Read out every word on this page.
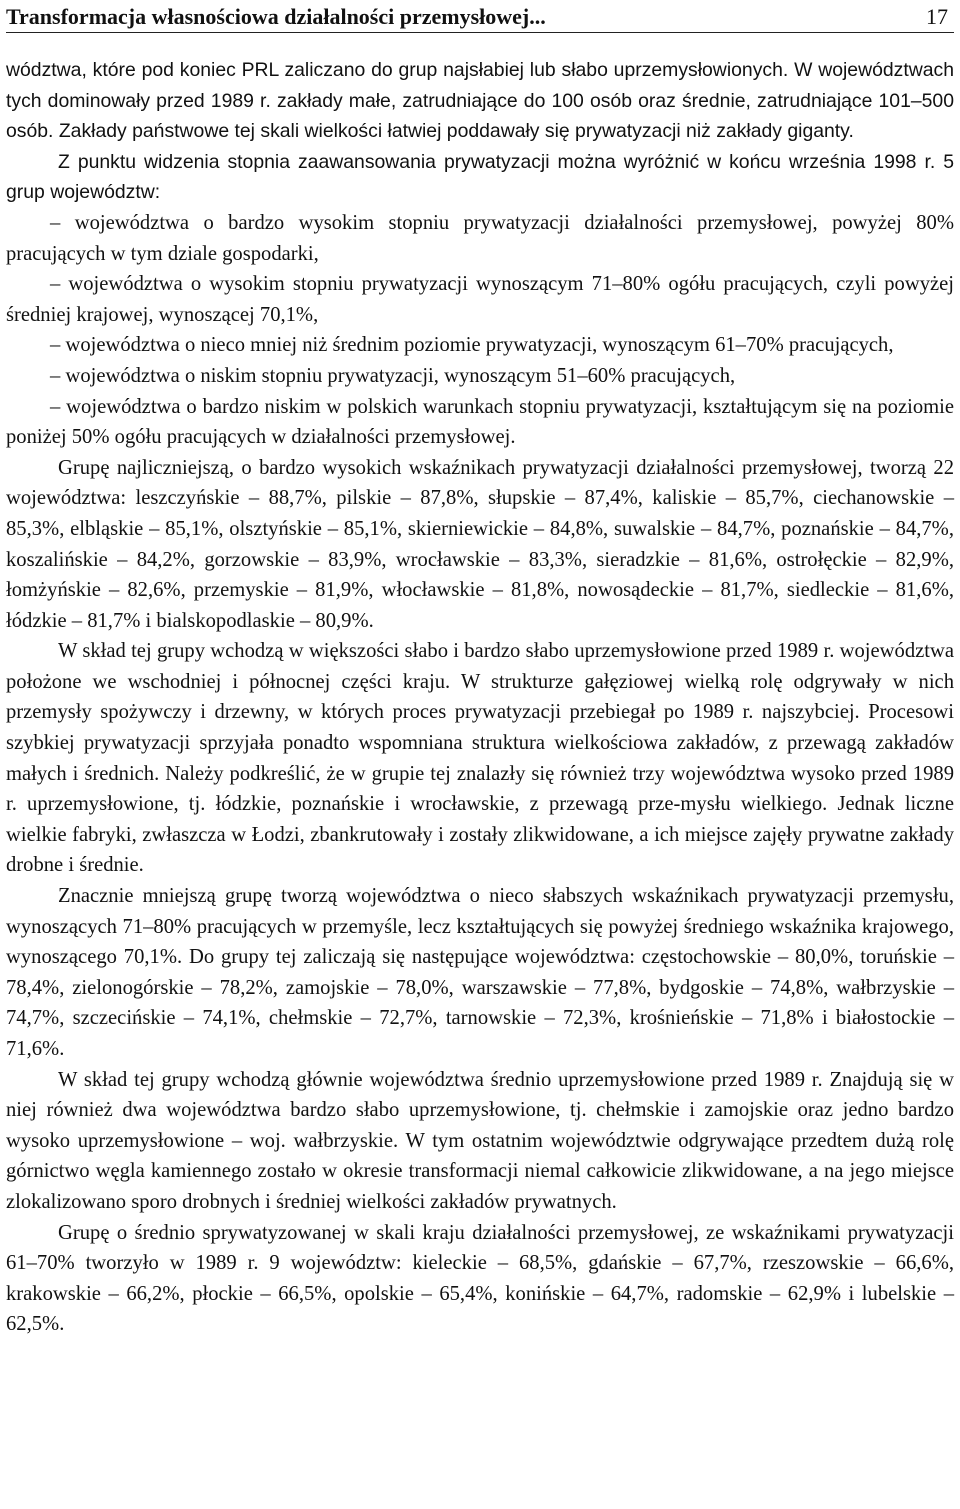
Transformacja własnościowa działalności przemysłowej...	17

wództwa, które pod koniec PRL zaliczano do grup najsłabiej lub słabo uprzemysłowionych. W województwach tych dominowały przed 1989 r. zakłady małe, zatrudniające do 100 osób oraz średnie, zatrudniające 101–500 osób. Zakłady państwowe tej skali wielkości łatwiej poddawały się prywatyzacji niż zakłady giganty.

Z punktu widzenia stopnia zaawansowania prywatyzacji można wyróżnić w końcu września 1998 r. 5 grup województw:

– województwa o bardzo wysokim stopniu prywatyzacji działalności przemysłowej, powyżej 80% pracujących w tym dziale gospodarki,

– województwa o wysokim stopniu prywatyzacji wynoszącym 71–80% ogółu pracujących, czyli powyżej średniej krajowej, wynoszącej 70,1%,

– województwa o nieco mniej niż średnim poziomie prywatyzacji, wynoszącym 61–70% pracujących,

– województwa o niskim stopniu prywatyzacji, wynoszącym 51–60% pracujących,

– województwa o bardzo niskim w polskich warunkach stopniu prywatyzacji, kształtującym się na poziomie poniżej 50% ogółu pracujących w działalności przemysłowej.

Grupę najliczniejszą, o bardzo wysokich wskaźnikach prywatyzacji działalności przemysłowej, tworzą 22 województwa: leszczyńskie – 88,7%, pilskie – 87,8%, słupskie – 87,4%, kaliskie – 85,7%, ciechanowskie – 85,3%, elbląskie – 85,1%, olsztyńskie – 85,1%, skierniewickie – 84,8%, suwalskie – 84,7%, poznańskie – 84,7%, koszalińskie – 84,2%, gorzowskie – 83,9%, wrocławskie – 83,3%, sieradzkie – 81,6%, ostrołęckie – 82,9%, łomżyńskie – 82,6%, przemyskie – 81,9%, włocławskie – 81,8%, nowosądeckie – 81,7%, siedleckie – 81,6%, łódzkie – 81,7% i bialskopodlaskie – 80,9%.

W skład tej grupy wchodzą w większości słabo i bardzo słabo uprzemysłowione przed 1989 r. województwa położone we wschodniej i północnej części kraju. W strukturze gałęziowej wielką rolę odgrywały w nich przemysły spożywczy i drzewny, w których proces prywatyzacji przebiegał po 1989 r. najszybciej. Procesowi szybkiej prywatyzacji sprzyjała ponadto wspomniana struktura wielkościowa zakładów, z przewagą zakładów małych i średnich. Należy podkreślić, że w grupie tej znalazły się również trzy województwa wysoko przed 1989 r. uprzemysłowione, tj. łódzkie, poznańskie i wrocławskie, z przewagą prze-mysłu wielkiego. Jednak liczne wielkie fabryki, zwłaszcza w Łodzi, zbankrutowały i zostały zlikwidowane, a ich miejsce zajęły prywatne zakłady drobne i średnie.

Znacznie mniejszą grupę tworzą województwa o nieco słabszych wskaźnikach prywatyzacji przemysłu, wynoszących 71–80% pracujących w przemyśle, lecz kształtujących się powyżej średniego wskaźnika krajowego, wynoszącego 70,1%. Do grupy tej zaliczają się następujące województwa: częstochowskie – 80,0%, toruńskie – 78,4%, zielonogórskie – 78,2%, zamojskie – 78,0%, warszawskie – 77,8%, bydgoskie – 74,8%, wałbrzyskie – 74,7%, szczecińskie – 74,1%, chełmskie – 72,7%, tarnowskie – 72,3%, krośnieńskie – 71,8% i białostockie – 71,6%.

W skład tej grupy wchodzą głównie województwa średnio uprzemysłowione przed 1989 r. Znajdują się w niej również dwa województwa bardzo słabo uprzemysłowione, tj. chełmskie i zamojskie oraz jedno bardzo wysoko uprzemysłowione – woj. wałbrzyskie. W tym ostatnim województwie odgrywające przedtem dużą rolę górnictwo węgla kamiennego zostało w okresie transformacji niemal całkowicie zlikwidowane, a na jego miejsce zlokalizowano sporo drobnych i średniej wielkości zakładów prywatnych.

Grupę o średnio sprywatyzowanej w skali kraju działalności przemysłowej, ze wskaźnikami prywatyzacji 61–70% tworzyło w 1989 r. 9 województw: kieleckie – 68,5%, gdańskie – 67,7%, rzeszowskie – 66,6%, krakowskie – 66,2%, płockie – 66,5%, opolskie – 65,4%, konińskie – 64,7%, radomskie – 62,9% i lubelskie – 62,5%.
